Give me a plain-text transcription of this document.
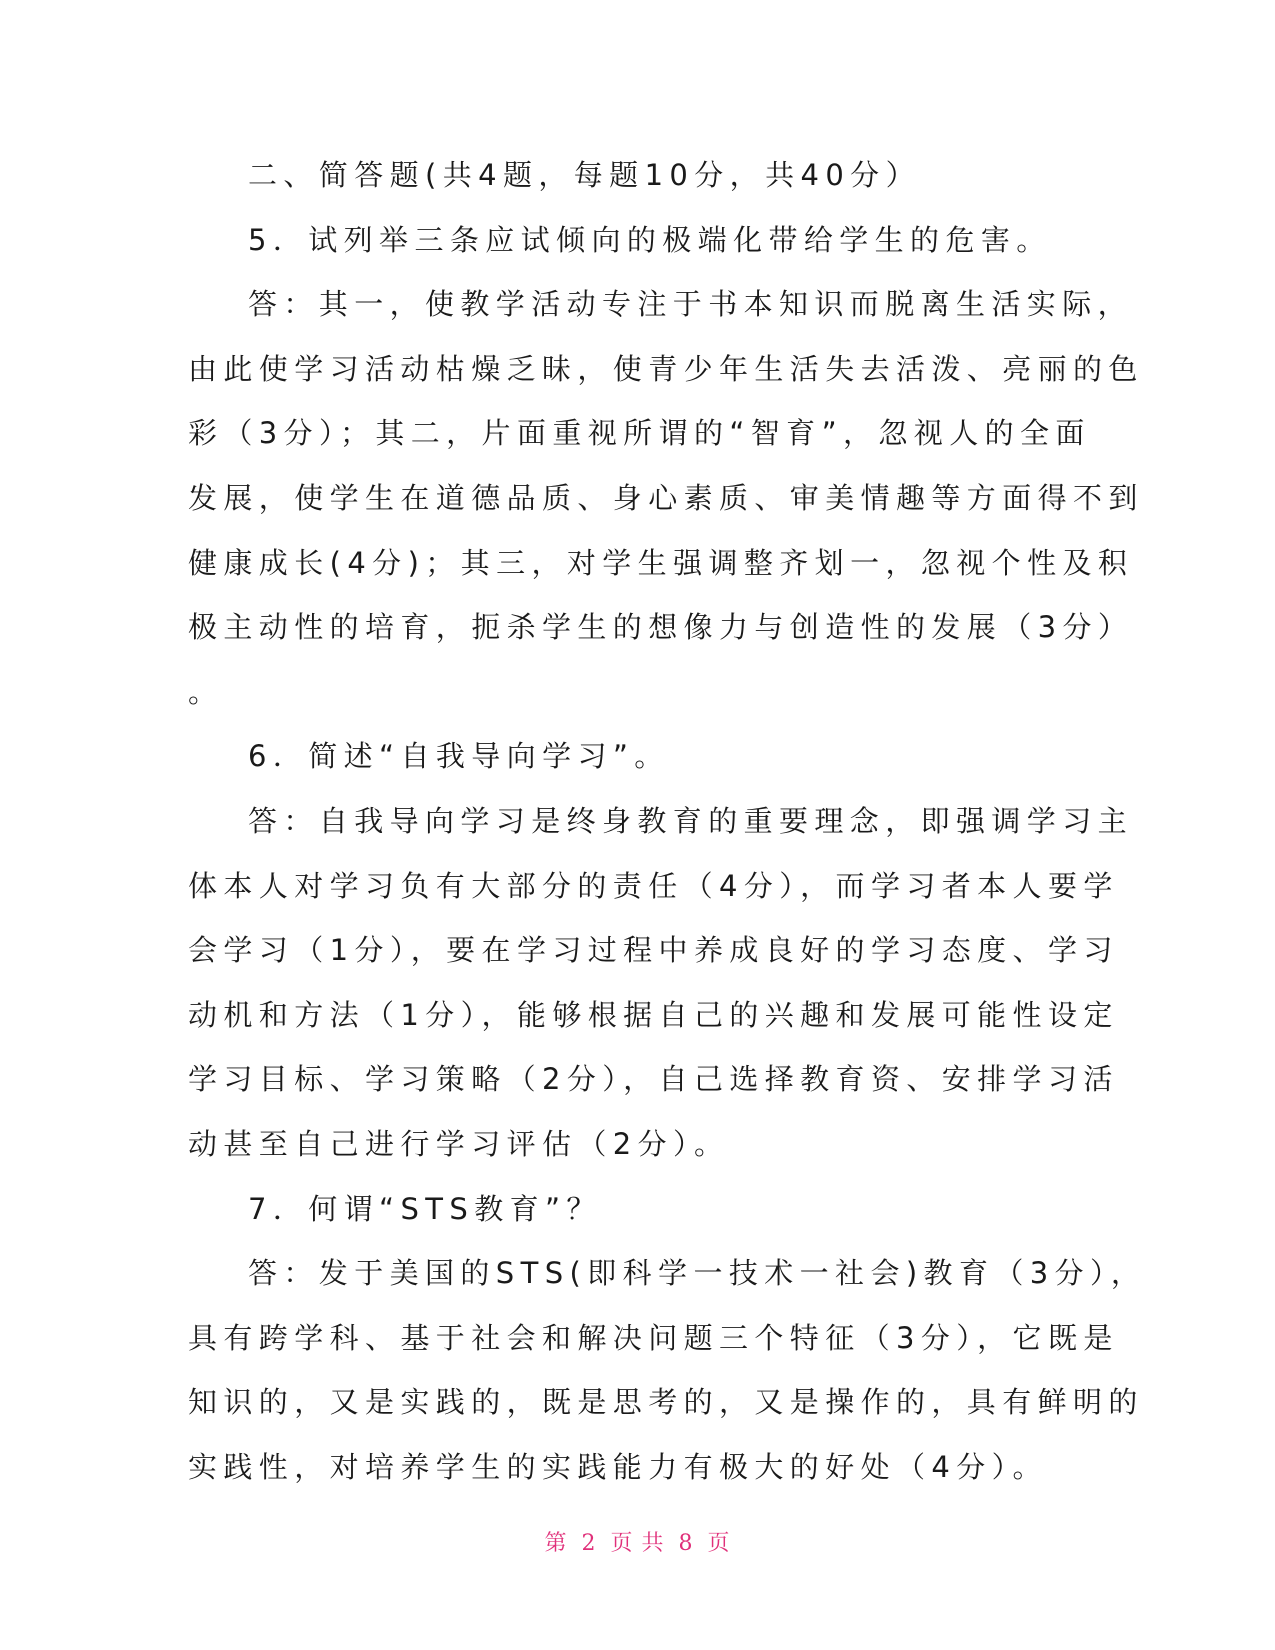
二、简答题(共4题，每题10分，共40分）
5．试列举三条应试倾向的极端化带给学生的危害。
答：其一，使教学活动专注于书本知识而脱离生活实际，
由此使学习活动枯燥乏昧，使青少年生活失去活泼、亮丽的色
彩（3分）；其二，片面重视所谓的“智育”，忽视人的全面
发展，使学生在道德品质、身心素质、审美情趣等方面得不到
健康成长(4分)；其三，对学生强调整齐划一，忽视个性及积
极主动性的培育，扼杀学生的想像力与创造性的发展（3分）
。
6．简述“自我导向学习”。
答：自我导向学习是终身教育的重要理念，即强调学习主
体本人对学习负有大部分的责任（4分），而学习者本人要学
会学习（1分），要在学习过程中养成良好的学习态度、学习
动机和方法（1分），能够根据自己的兴趣和发展可能性设定
学习目标、学习策略（2分），自己选择教育资、安排学习活
动甚至自己进行学习评估（2分）。
7．何谓“STS教育”？
答：发于美国的STS(即科学一技术一社会)教育（3分），
具有跨学科、基于社会和解决问题三个特征（3分），它既是
知识的，又是实践的，既是思考的，又是操作的，具有鲜明的
实践性，对培养学生的实践能力有极大的好处（4分）。
第 2 页 共 8 页
